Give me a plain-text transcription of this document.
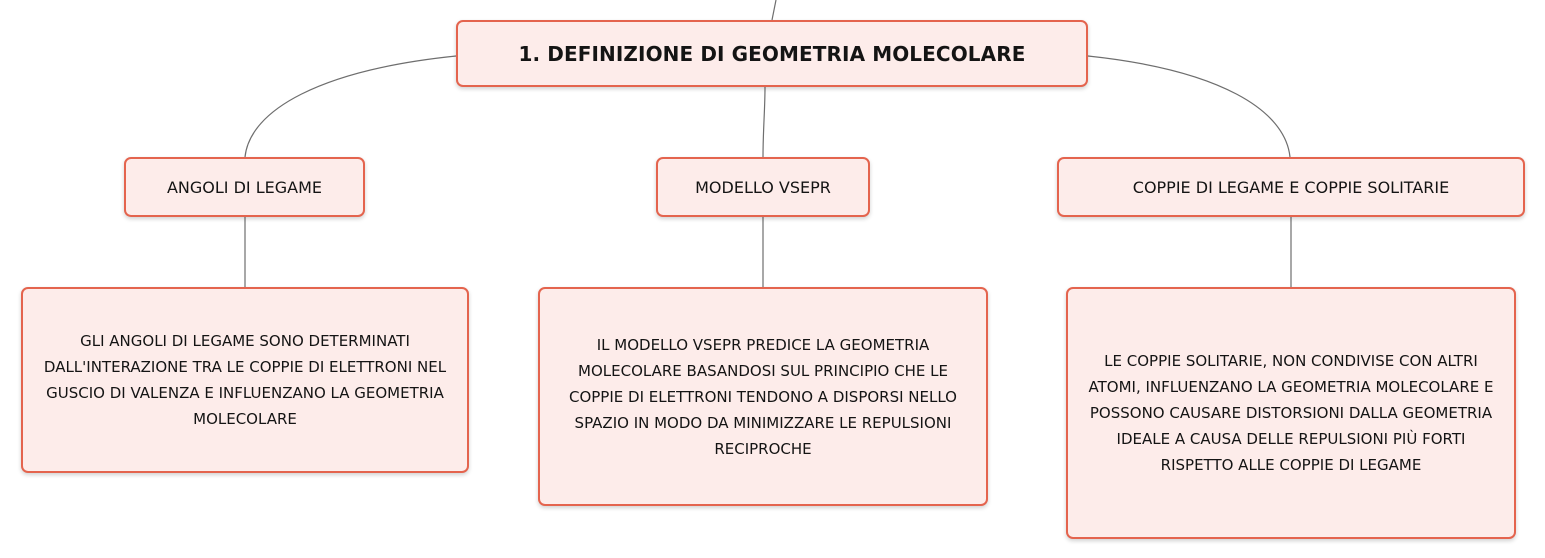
1. DEFINIZIONE DI GEOMETRIA MOLECOLARE
ANGOLI DI LEGAME	MODELLO VSEPR	COPPIE DI LEGAME E COPPIE SOLITARIE
GLI ANGOLI DI LEGAME SONO DETERMINATI DALL'INTERAZIONE TRA LE COPPIE DI ELETTRONI NEL GUSCIO DI VALENZA E INFLUENZANO LA GEOMETRIA MOLECOLARE
IL MODELLO VSEPR PREDICE LA GEOMETRIA MOLECOLARE BASANDOSI SUL PRINCIPIO CHE LE COPPIE DI ELETTRONI TENDONO A DISPORSI NELLO SPAZIO IN MODO DA MINIMIZZARE LE REPULSIONI RECIPROCHE
LE COPPIE SOLITARIE, NON CONDIVISE CON ALTRI ATOMI, INFLUENZANO LA GEOMETRIA MOLECOLARE E POSSONO CAUSARE DISTORSIONI DALLA GEOMETRIA IDEALE A CAUSA DELLE REPULSIONI PIÙ FORTI RISPETTO ALLE COPPIE DI LEGAME
